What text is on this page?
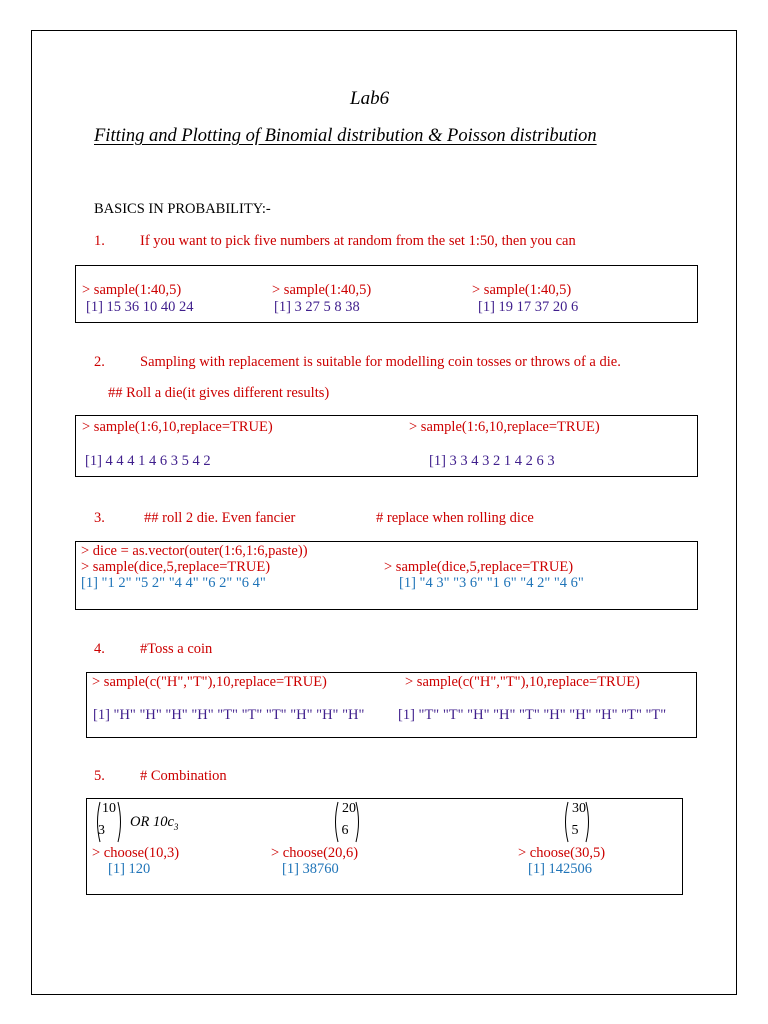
Lab6
Fitting and Plotting of Binomial distribution & Poisson distribution
BASICS IN PROBABILITY:-
1. If you want to pick five numbers at random from the set 1:50, then you can
> sample(1:40,5)
[1] 15 36 10 40 24
> sample(1:40,5)
[1] 3 27 5 8 38
> sample(1:40,5)
[1] 19 17 37 20 6
2. Sampling with replacement is suitable for modelling coin tosses or throws of a die.
## Roll a die(it gives different results)
> sample(1:6,10,replace=TRUE)
[1] 4 4 4 1 4 6 3 5 4 2
> sample(1:6,10,replace=TRUE)
[1] 3 3 4 3 2 1 4 2 6 3
3.	## roll 2 die. Even fancier	# replace when rolling dice
> dice = as.vector(outer(1:6,1:6,paste))
> sample(dice,5,replace=TRUE)
[1] "1 2" "5 2" "4 4" "6 2" "6 4"
> sample(dice,5,replace=TRUE)
[1] "4 3" "3 6" "1 6" "4 2" "4 6"
4. #Toss a coin
> sample(c("H","T"),10,replace=TRUE)
[1] "H" "H" "H" "H" "T" "T" "T" "H" "H" "H"
> sample(c("H","T"),10,replace=TRUE)
[1] "T" "T" "H" "H" "T" "H" "H" "H" "T" "T"
5. # Combination
10
3
OR $10c_3$
20
6
30
5
> choose(10,3)
[1] 120
> choose(20,6)
[1] 38760
> choose(30,5)
[1] 142506
